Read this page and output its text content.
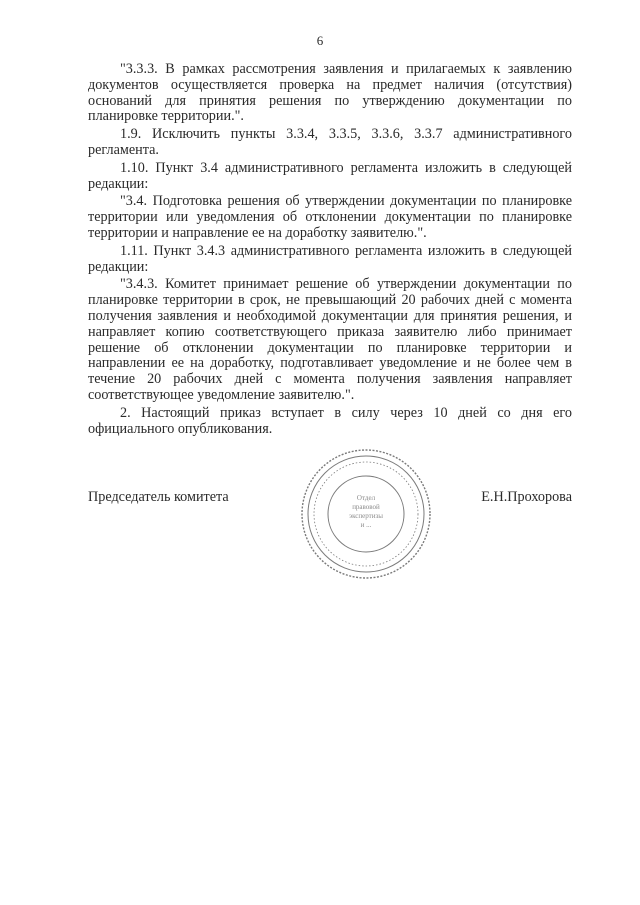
6

"3.3.3. В рамках рассмотрения заявления и прилагаемых к заявлению документов осуществляется проверка на предмет наличия (отсутствия) оснований для принятия решения по утверждению документации по планировке территории.".

1.9. Исключить пункты 3.3.4, 3.3.5, 3.3.6, 3.3.7 административного регламента.

1.10. Пункт 3.4 административного регламента изложить в следующей редакции:

"3.4. Подготовка решения об утверждении документации по планировке территории или уведомления об отклонении документации по планировке территории и направление ее на доработку заявителю.".

1.11. Пункт 3.4.3 административного регламента изложить в следующей редакции:

"3.4.3. Комитет принимает решение об утверждении документации по планировке территории в срок, не превышающий 20 рабочих дней с момента получения заявления и необходимой документации для принятия решения, и направляет копию соответствующего приказа заявителю либо принимает решение об отклонении документации по планировке территории и направлении ее на доработку, подготавливает уведомление и не более чем в течение 20 рабочих дней с момента получения заявления направляет соответствующее уведомление заявителю.".

2. Настоящий приказ вступает в силу через 10 дней со дня его официального опубликования.

Председатель комитета	Е.Н.Прохорова
Отдел
правовой
экспертизы
и ...
